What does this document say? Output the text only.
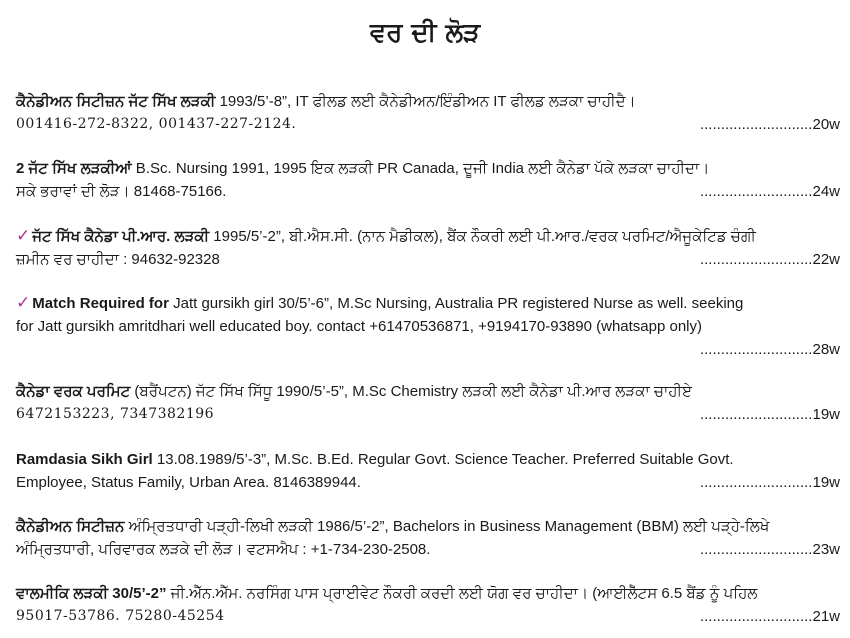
ਵਰ ਦੀ ਲੋੜ
ਕੈਨੇਡੀਅਨ ਸਿਟੀਜ਼ਨ ਜੱਟ ਸਿੱਖ ਲੜਕੀ 1993/5’-8”, IT ਫੀਲਡ ਲਈ ਕੈਨੇਡੀਅਨ/ਇੰਡੀਅਨ IT ਫੀਲਡ ਲੜਕਾ ਚਾਹੀਦੈ।
001416-272-8322, 001437-227-2124.	...........................20w
2 ਜੱਟ ਸਿੱਖ ਲੜਕੀਆਂ B.Sc. Nursing 1991, 1995 ਇਕ ਲੜਕੀ PR Canada, ਦੂਜੀ India ਲਈ ਕੈਨੇਡਾ ਪੱਕੇ ਲੜਕਾ ਚਾਹੀਦਾ।
ਸਕੇ ਭਰਾਵਾਂ ਦੀ ਲੋੜ। 81468-75166.	...........................24w
✓ ਜੱਟ ਸਿੱਖ ਕੈਨੇਡਾ ਪੀ.ਆਰ. ਲੜਕੀ 1995/5’-2”, ਬੀ.ਐਸ.ਸੀ. (ਨਾਨ ਮੈਡੀਕਲ), ਬੈਂਕ ਨੌਕਰੀ ਲਈ ਪੀ.ਆਰ./ਵਰਕ ਪਰਮਿਟ/ਐਜੂਕੇਟਿਡ ਚੰਗੀ
ਜ਼ਮੀਨ ਵਰ ਚਾਹੀਦਾ : 94632-92328	...........................22w
✓ Match Required for Jatt gursikh girl 30/5’-6”, M.Sc Nursing, Australia PR registered Nurse as well. seeking
for Jatt gursikh amritdhari well educated boy. contact +61470536871, +9194170-93890 (whatsapp only)
...........................28w
ਕੈਨੇਡਾ ਵਰਕ ਪਰਮਿਟ (ਬਰੈਂਪਟਨ) ਜੱਟ ਸਿੱਖ ਸਿੱਧੂ 1990/5’-5”, M.Sc Chemistry ਲੜਕੀ ਲਈ ਕੈਨੇਡਾ ਪੀ.ਆਰ ਲੜਕਾ ਚਾਹੀਏ
6472153223, 7347382196	...........................19w
Ramdasia Sikh Girl 13.08.1989/5’-3”, M.Sc. B.Ed. Regular Govt. Science Teacher. Preferred Suitable Govt.
Employee, Status Family, Urban Area. 8146389944.	...........................19w
ਕੈਨੇਡੀਅਨ ਸਿਟੀਜ਼ਨ ਅੰਮ੍ਰਿਤਧਾਰੀ ਪੜ੍ਹੀ-ਲਿਖੀ ਲੜਕੀ 1986/5’-2”, Bachelors in Business Management (BBM) ਲਈ ਪੜ੍ਹੇ-ਲਿਖੇ
ਅੰਮ੍ਰਿਤਧਾਰੀ, ਪਰਿਵਾਰਕ ਲੜਕੇ ਦੀ ਲੋੜ। ਵਟਸਐਪ : +1-734-230-2508.	...........................23w
ਵਾਲਮੀਕਿ ਲੜਕੀ 30/5’-2” ਜੀ.ਐੱਨ.ਐੱਮ. ਨਰਸਿੰਗ ਪਾਸ ਪ੍ਰਾਈਵੇਟ ਨੌਕਰੀ ਕਰਦੀ ਲਈ ਯੋਗ ਵਰ ਚਾਹੀਦਾ। (ਆਈਲੈੱਟਸ 6.5 ਬੈਂਡ ਨੂੰ ਪਹਿਲ
95017-53786. 75280-45254	...........................21w
